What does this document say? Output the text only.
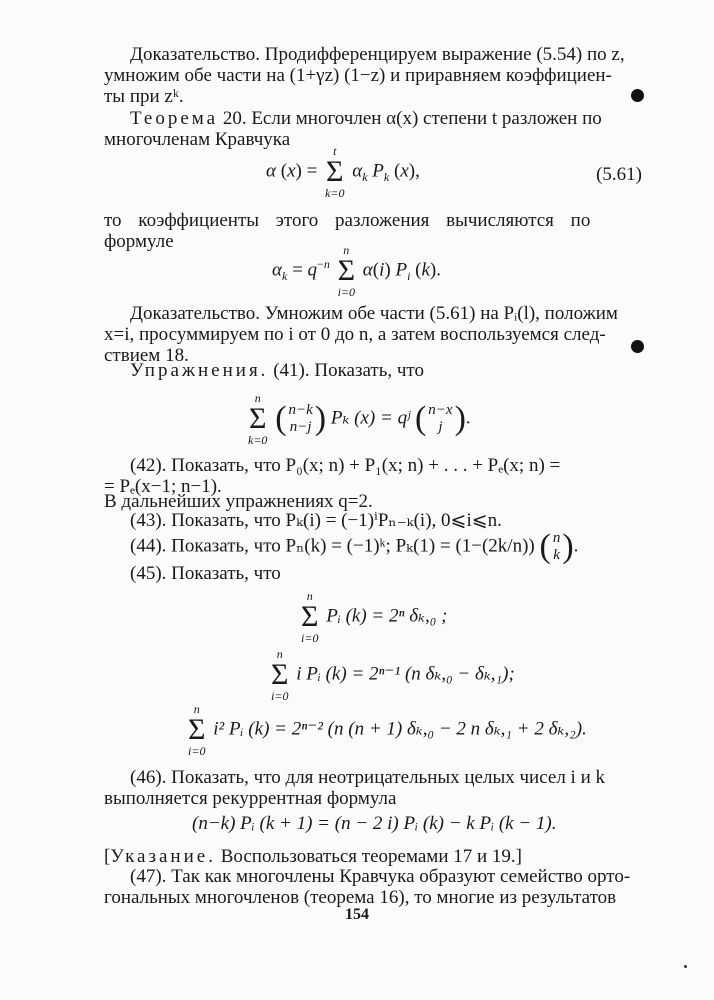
Доказательство. Продифференцируем выражение (5.54) по z,
умножим обе части на (1+γz) (1−z) и приравняем коэффициен-
ты при zᵏ.
Теорема 20. Если многочлен α(x) степени t разложен по
многочленам Кравчука
α (x) =
t
Σ
k=0
$\alpha_k$ $P_k$ (x),	(5.61)
то коэффициенты этого разложения вычисляются по формуле
$\alpha_k = q^{-n}$
n
Σ
i=0
α(i) $P_i$ (k).
Доказательство. Умножим обе части (5.61) на Pᵢ(l), положим
x=i, просуммируем по i от 0 до n, а затем воспользуемся след-
ствием 18.
Упражнения. (41). Показать, что
n
Σ
k=0

( n−k
n−j ) Pₖ (x) = qʲ ( n−x
j ) .
(42). Показать, что P₀(x; n) + P₁(x; n) + . . . + Pₑ(x; n) =
= Pₑ(x−1; n−1).
В дальнейших упражнениях q=2.
(43). Показать, что Pₖ(i) = (−1)ⁱPₙ₋ₖ(i), 0⩽i⩽n.
(44). Показать, что Pₙ(k) = (−1)ᵏ; Pₖ(1) = (1−(2k/n)) ( n
k ) .
(45). Показать, что
n
Σ
i=0
Pᵢ (k) = 2ⁿ δₖ,₀ ;
n
Σ
i=0
i Pᵢ (k) = 2ⁿ⁻¹ (n δₖ,₀ − δₖ,₁);
n
Σ
i=0
i² Pᵢ (k) = 2ⁿ⁻² (n (n + 1) δₖ,₀ − 2 n δₖ,₁ + 2 δₖ,₂).
(46). Показать, что для неотрицательных целых чисел i и k
выполняется рекуррентная формула
(n−k) Pᵢ (k + 1) = (n − 2 i) Pᵢ (k) − k Pᵢ (k − 1).
[Указание. Воспользоваться теоремами 17 и 19.]
(47). Так как многочлены Кравчука образуют семейство орто-
гональных многочленов (теорема 16), то многие из результатов
154
